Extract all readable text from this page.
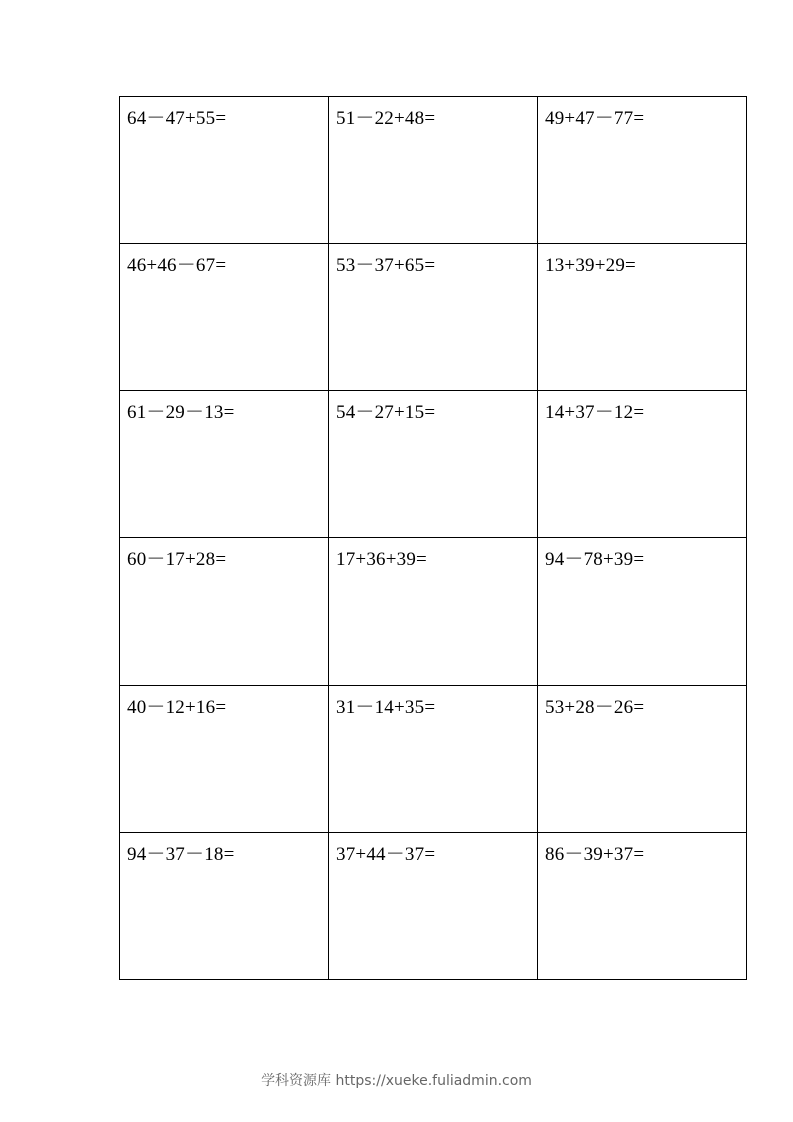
64－47+55=	51－22+48=	49+47－77=

46+46－67=	53－37+65=	13+39+29=

61－29－13=	54－27+15=	14+37－12=

60－17+28=	17+36+39=	94－78+39=

40－12+16=	31－14+35=	53+28－26=

94－37－18=	37+44－37=	86－39+37=
学科资源库 https://xueke.fuliadmin.com
